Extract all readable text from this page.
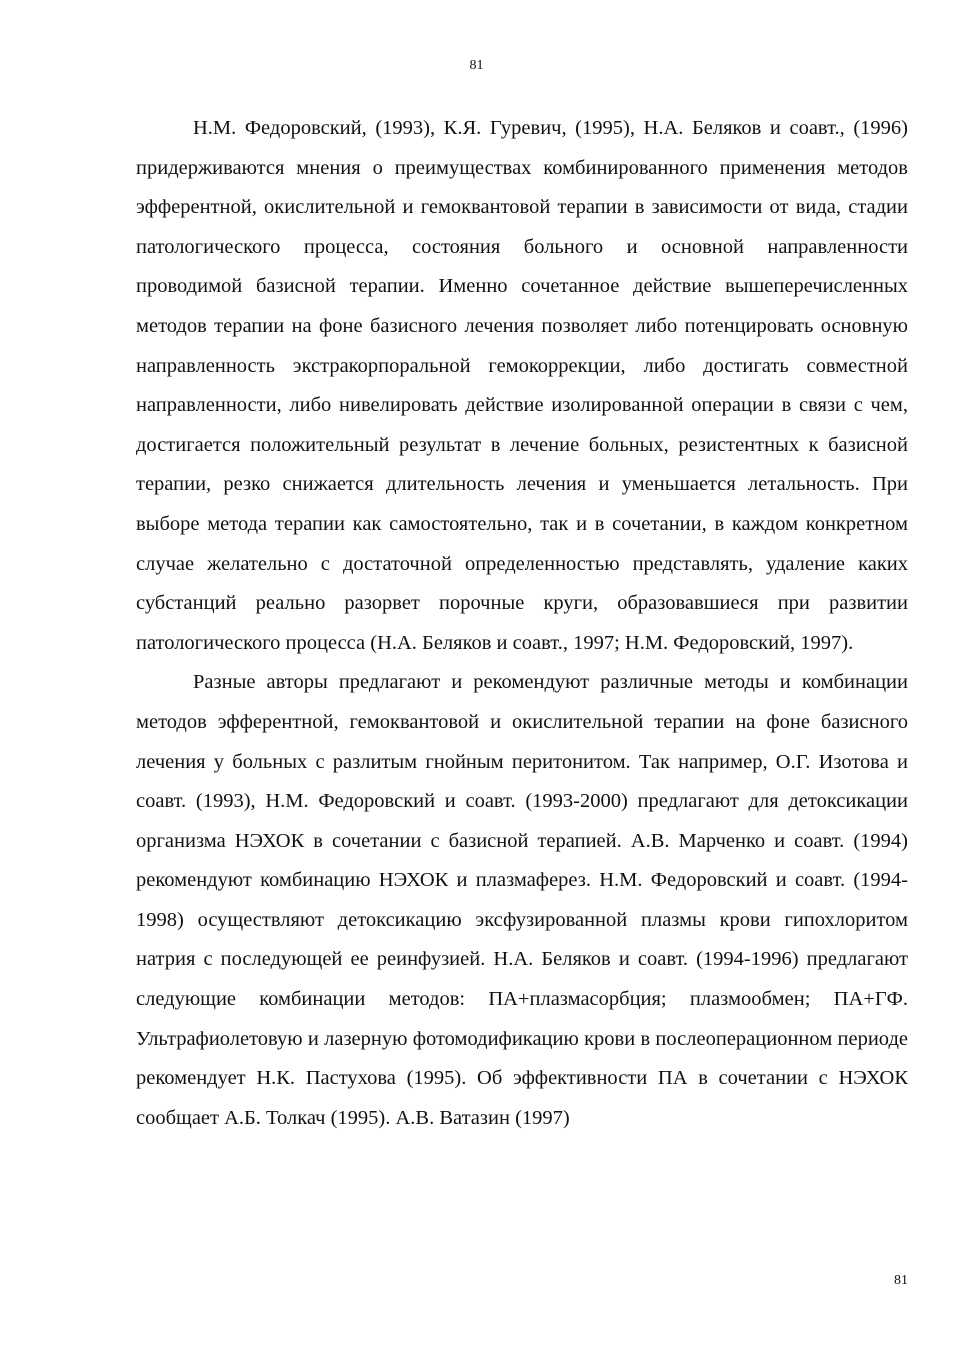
81

Н.М. Федоровский, (1993), К.Я. Гуревич, (1995), Н.А. Беляков и соавт., (1996) придерживаются мнения о преимуществах комбинированного применения методов эфферентной, окислительной и гемоквантовой терапии в зависимости от вида, стадии патологического процесса, состояния больного и основной направленности проводимой базисной терапии. Именно сочетанное действие вышеперечисленных методов терапии на фоне базисного лечения позволяет либо потенцировать основную направленность экстракорпоральной гемокоррекции, либо достигать совместной направленности, либо нивелировать действие изолированной операции в связи с чем, достигается положительный результат в лечение больных, резистентных к базисной терапии, резко снижается длительность лечения и уменьшается летальность. При выборе метода терапии как самостоятельно, так и в сочетании, в каждом конкретном случае желательно с достаточной определенностью представлять, удаление каких субстанций реально разорвет порочные круги, образовавшиеся при развитии патологического процесса (Н.А. Беляков и соавт., 1997; Н.М. Федоровский, 1997).

Разные авторы предлагают и рекомендуют различные методы и комбинации методов эфферентной, гемоквантовой и окислительной терапии на фоне базисного лечения у больных с разлитым гнойным перитонитом. Так например, О.Г. Изотова и соавт. (1993), Н.М. Федоровский и соавт. (1993-2000) предлагают для детоксикации организма НЭХОК в сочетании с базисной терапией. А.В. Марченко и соавт. (1994) рекомендуют комбинацию НЭХОК и плазмаферез. Н.М. Федоровский и соавт. (1994-1998) осуществляют детоксикацию эксфузированной плазмы крови гипохлоритом натрия с последующей ее реинфузией. Н.А. Беляков и соавт. (1994-1996) предлагают следующие комбинации методов: ПА+плазмасорбция; плазмообмен; ПА+ГФ. Ультрафиолетовую и лазерную фотомодификацию крови в послеоперационном периоде рекомендует Н.К. Пастухова (1995). Об эффективности ПА в сочетании с НЭХОК сообщает А.Б. Толкач (1995). А.В. Ватазин (1997)

81
